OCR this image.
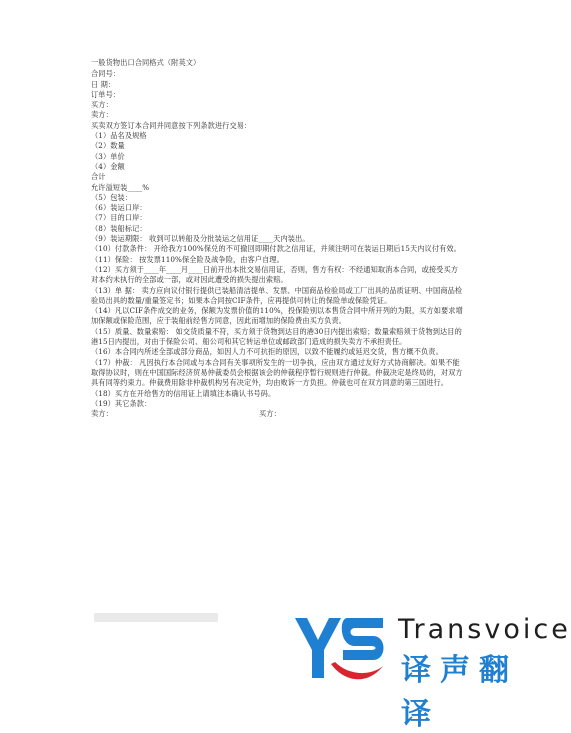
一般货物出口合同格式（附英文）
合同号：
日 期：
订单号：
买方：
卖方：
买卖双方签订本合同并同意按下列条款进行交易：
（1）品名及规格
（2）数量
（3）单价
（4）金额
合计
允许溢短装____%
（5）包装：
（6）装运口岸：
（7）目的口岸：
（8）装船标记：
（9）装运期限： 收到可以转船及分批装运之信用证____天内装出。
（10）付款条件： 开给我方100%保兑的不可撤回即期付款之信用证，并须注明可在装运日期后15天内议付有效。
（11）保险： 按发票110%保全险及战争险，由客户自理。
（12）买方须于____年____月____日前开出本批交易信用证，否则，售方有权：不经通知取消本合同，或接受买方对本约未执行的全部或一部，或对因此遭受的损失提出索赔。
（13）单 据： 卖方应向议付银行提供已装船清洁提单、发票、中国商品检验局或工厂出具的品质证明、中国商品检验局出具的数量/重量签定书；如果本合同按CIF条件，应再提供可转让的保险单或保险凭证。
（14）凡以CIF条件成交的业务，保额为发票价值的110%，投保险别以本售货合同中所开列的为限，买方如要求增加保额或保险范围，应于装船前经售方同意，因此而增加的保险费由买方负责。
（15）质量、数量索赔： 如交货质量不符，买方须于货物到达目的港30日内提出索赔；数量索赔须于货物到达目的港15日内提出，对由于保险公司、船公司和其它转运单位或邮政部门造成的损失卖方不承担责任。
（16）本合同内所述全部或部分商品，如因人力不可抗拒的原因，以致不能履约或延迟交货，售方概不负责。
（17）仲裁： 凡因执行本合同或与本合同有关事项所发生的一切争执，应由双方通过友好方式协商解决。如果不能取得协议时，则在中国国际经济贸易仲裁委员会根据该会的仲裁程序暂行规则进行仲裁。仲裁决定是终局的，对双方具有同等约束力。仲裁费用除非仲裁机构另有决定外，均由败诉一方负担。仲裁也可在双方同意的第三国进行。
（18）买方在开给售方的信用证上请填注本确认书号码。
（19）其它条款：
卖方：	买方：
Transvoice
译声翻译
